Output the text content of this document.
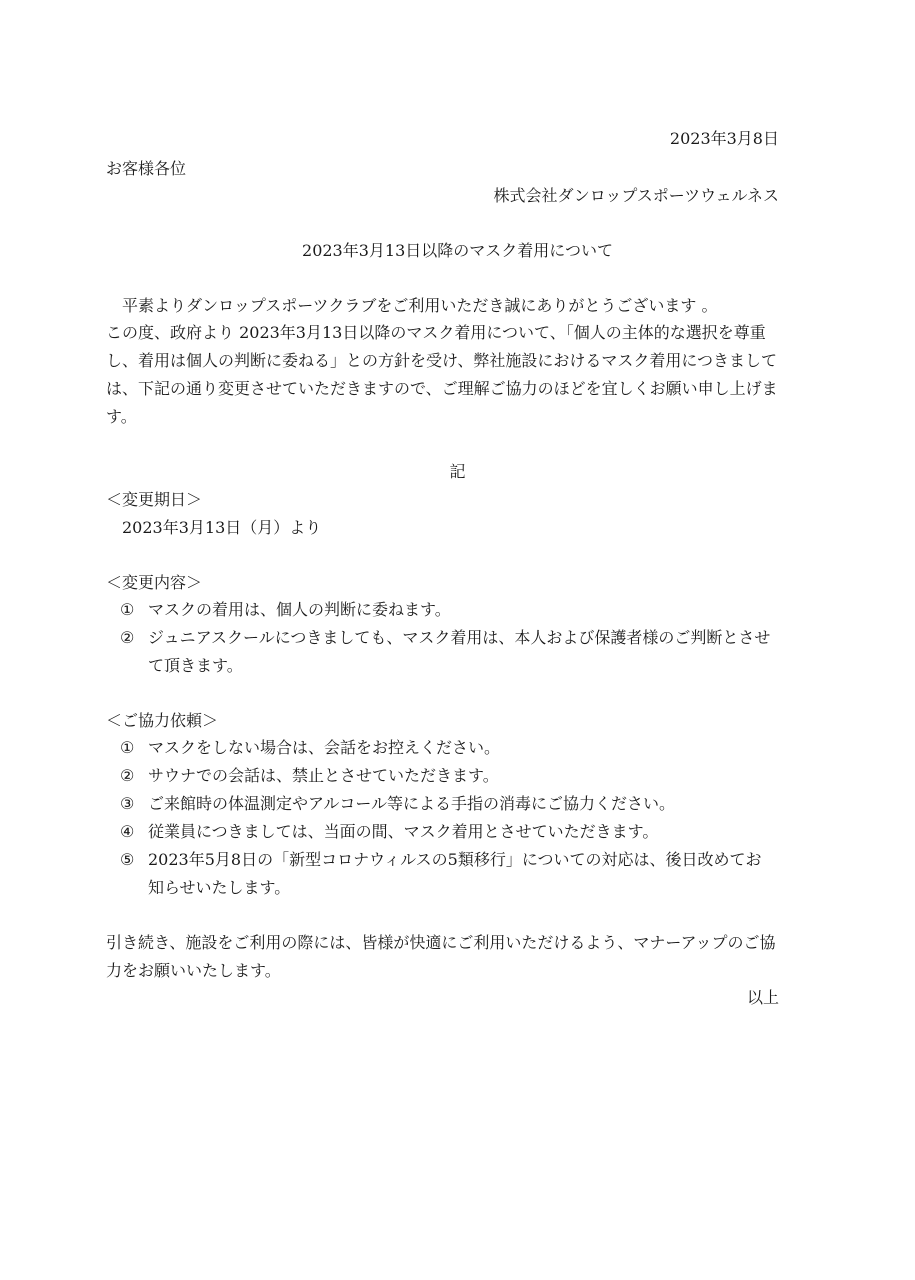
2023年3月8日
お客様各位
株式会社ダンロップスポーツウェルネス
2023年3月13日以降のマスク着用について
平素よりダンロップスポーツクラブをご利用いただき誠にありがとうございます 。
この度、政府より 2023年3月13日以降のマスク着用について、「個人の主体的な選択を尊重
し、着用は個人の判断に委ねる」との方針を受け、弊社施設におけるマスク着用につきまして
は、下記の通り変更させていただきますので、ご理解ご協力のほどを宜しくお願い申し上げま
す。
記
＜変更期日＞
2023年3月13日（月）より
＜変更内容＞
① マスクの着用は、個人の判断に委ねます。
② ジュニアスクールにつきましても、マスク着用は、本人および保護者様のご判断とさせ
て頂きます。
＜ご協力依頼＞
① マスクをしない場合は、会話をお控えください。
② サウナでの会話は、禁止とさせていただきます。
③ ご来館時の体温測定やアルコール等による手指の消毒にご協力ください。
④ 従業員につきましては、当面の間、マスク着用とさせていただきます。
⑤ 2023年5月8日の「新型コロナウィルスの5類移行」についての対応は、後日改めてお
知らせいたします。
引き続き、施設をご利用の際には、皆様が快適にご利用いただけるよう、マナーアップのご協
力をお願いいたします。
以上
